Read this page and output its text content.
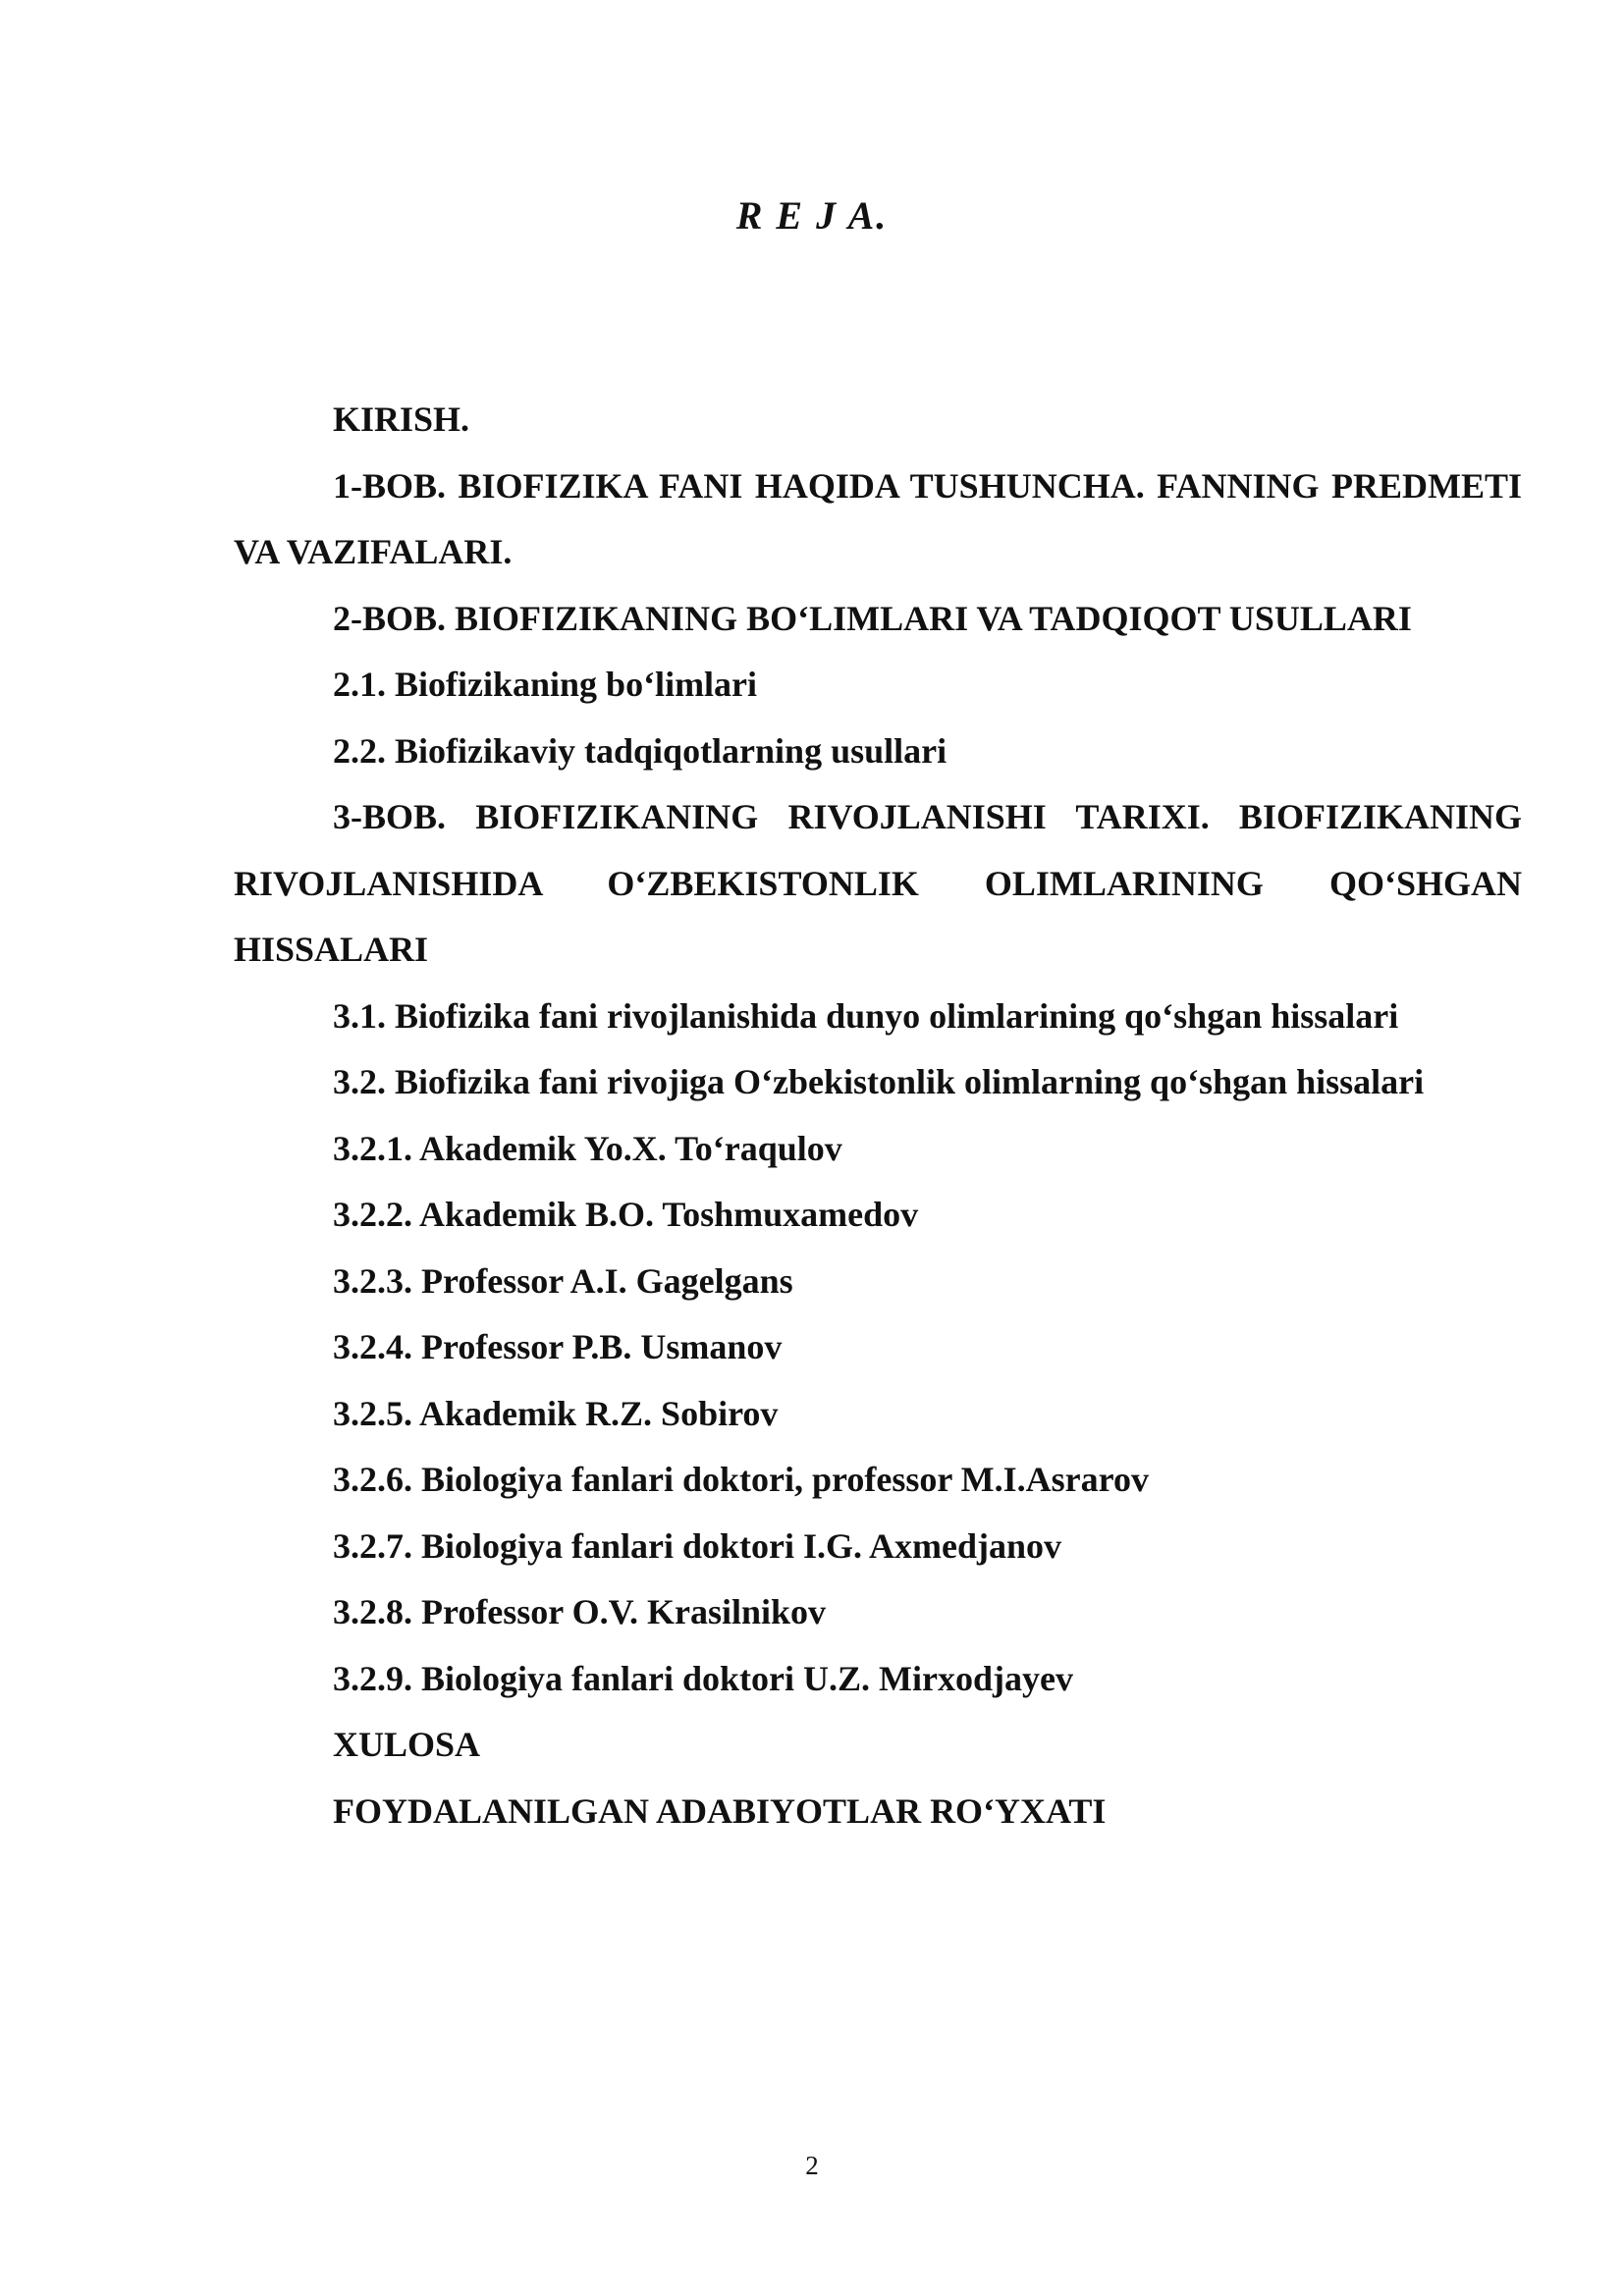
R E J A.
KIRISH.
1-BOB. BIOFIZIKA FANI HAQIDA TUSHUNCHA. FANNING PREDMETI VA VAZIFALARI.
2-BOB. BIOFIZIKANING BO‘LIMLARI VA TADQIQOT USULLARI
2.1. Biofizikaning bo‘limlari
2.2. Biofizikaviy tadqiqotlarning usullari
3-BOB. BIOFIZIKANING RIVOJLANISHI TARIXI. BIOFIZIKANING RIVOJLANISHIDA O‘ZBEKISTONLIK OLIMLARINING QO‘SHGAN HISSALARI
3.1. Biofizika fani rivojlanishida dunyo olimlarining qo‘shgan hissalari
3.2. Biofizika fani rivojiga O‘zbekistonlik olimlarning qo‘shgan hissalari
3.2.1. Akademik Yo.X. To‘raqulov
3.2.2. Akademik B.O. Toshmuxamedov
3.2.3. Professor A.I. Gagelgans
3.2.4. Professor P.B. Usmanov
3.2.5. Akademik R.Z. Sobirov
3.2.6. Biologiya fanlari doktori, professor M.I.Asrarov
3.2.7. Biologiya fanlari doktori I.G. Axmedjanov
3.2.8. Professor O.V. Krasilnikov
3.2.9. Biologiya fanlari doktori U.Z. Mirxodjayev
XULOSA
FOYDALANILGAN ADABIYOTLAR RO‘YXATI
2
